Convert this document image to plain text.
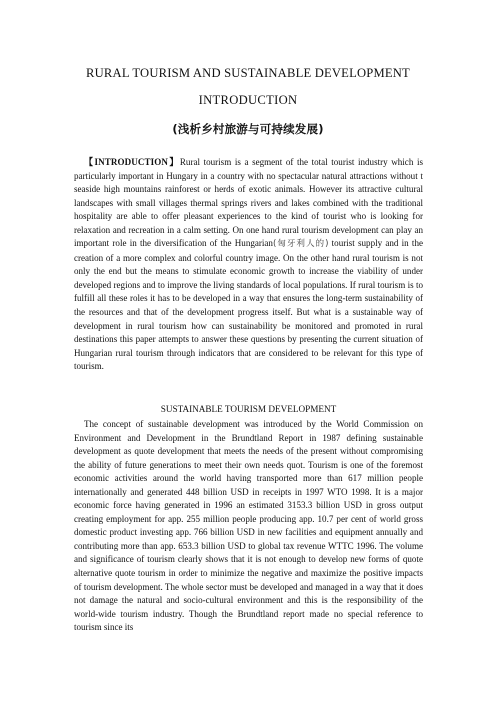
RURAL TOURISM AND SUSTAINABLE DEVELOPMENT
INTRODUCTION
(浅析乡村旅游与可持续发展)
【INTRODUCTION】Rural tourism is a segment of the total tourist industry which is particularly important in Hungary in a country with no spectacular natural attractions without t seaside high mountains rainforest or herds of exotic animals. However its attractive cultural landscapes with small villages thermal springs rivers and lakes combined with the traditional hospitality are able to offer pleasant experiences to the kind of tourist who is looking for relaxation and recreation in a calm setting. On one hand rural tourism development can play an important role in the diversification of the Hungarian(匈牙利人的) tourist supply and in the creation of a more complex and colorful country image. On the other hand rural tourism is not only the end but the means to stimulate economic growth to increase the viability of under developed regions and to improve the living standards of local populations. If rural tourism is to fulfill all these roles it has to be developed in a way that ensures the long-term sustainability of the resources and that of the development progress itself. But what is a sustainable way of development in rural tourism how can sustainability be monitored and promoted in rural destinations this paper attempts to answer these questions by presenting the current situation of Hungarian rural tourism through indicators that are considered to be relevant for this type of tourism.
SUSTAINABLE TOURISM DEVELOPMENT
The concept of sustainable development was introduced by the World Commission on Environment and Development in the Brundtland Report in 1987 defining sustainable development as quote development that meets the needs of the present without compromising the ability of future generations to meet their own needs quot. Tourism is one of the foremost economic activities around the world having transported more than 617 million people internationally and generated 448 billion USD in receipts in 1997 WTO 1998. It is a major economic force having generated in 1996 an estimated 3153.3 billion USD in gross output creating employment for app. 255 million people producing app. 10.7 per cent of world gross domestic product investing app. 766 billion USD in new facilities and equipment annually and contributing more than app. 653.3 billion USD to global tax revenue WTTC 1996. The volume and significance of tourism clearly shows that it is not enough to develop new forms of quote alternative quote tourism in order to minimize the negative and maximize the positive impacts of tourism development. The whole sector must be developed and managed in a way that it does not damage the natural and socio-cultural environment and this is the responsibility of the world-wide tourism industry. Though the Brundtland report made no special reference to tourism since its
